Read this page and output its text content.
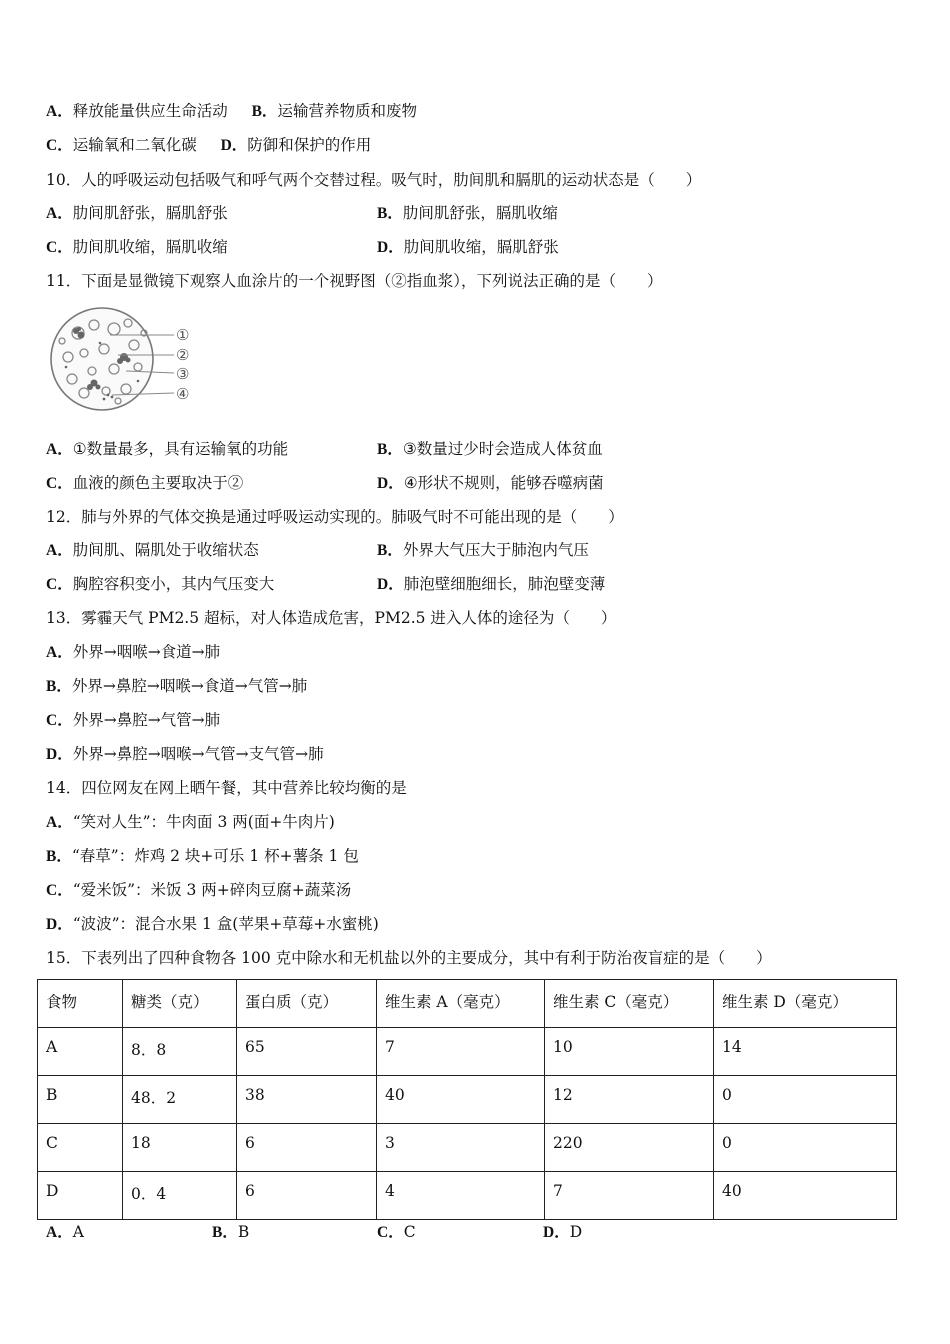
A．释放能量供应生命活动 B．运输营养物质和废物
C．运输氧和二氧化碳 D．防御和保护的作用
10．人的呼吸运动包括吸气和呼气两个交替过程。吸气时，肋间肌和膈肌的运动状态是（　　）
A．肋间肌舒张，膈肌舒张	B．肋间肌舒张，膈肌收缩
C．肋间肌收缩，膈肌收缩	D．肋间肌收缩，膈肌舒张
11．下面是显微镜下观察人血涂片的一个视野图（②指血浆），下列说法正确的是（　　）
①
②
③
④
A．①数量最多，具有运输氧的功能	B．③数量过少时会造成人体贫血
C．血液的颜色主要取决于②	D．④形状不规则，能够吞噬病菌
12．肺与外界的气体交换是通过呼吸运动实现的。肺吸气时不可能出现的是（　　）
A．肋间肌、隔肌处于收缩状态	B．外界大气压大于肺泡内气压
C．胸腔容积变小，其内气压变大	D．肺泡壁细胞细长，肺泡壁变薄
13．雾霾天气 PM2.5 超标，对人体造成危害，PM2.5 进入人体的途径为（　　）
A．外界→咽喉→食道→肺
B．外界→鼻腔→咽喉→食道→气管→肺
C．外界→鼻腔→气管→肺
D．外界→鼻腔→咽喉→气管→支气管→肺
14．四位网友在网上晒午餐，其中营养比较均衡的是
A．“笑对人生”：牛肉面 3 两(面+牛肉片)
B．“春草”：炸鸡 2 块+可乐 1 杯+薯条 1 包
C．“爱米饭”：米饭 3 两+碎肉豆腐+蔬菜汤
D．“波波”：混合水果 1 盒(苹果+草莓+水蜜桃)
15．下表列出了四种食物各 100 克中除水和无机盐以外的主要成分，其中有利于防治夜盲症的是（　　）
食物	糖类（克）	蛋白质（克）	维生素 A（毫克）	维生素 C（毫克）	维生素 D（毫克）
A	8．8	65	7	10	14
B	48．2	38	40	12	0
C	18	6	3	220	0
D	0．4	6	4	7	40
A．A	B．B	C．C	D．D
